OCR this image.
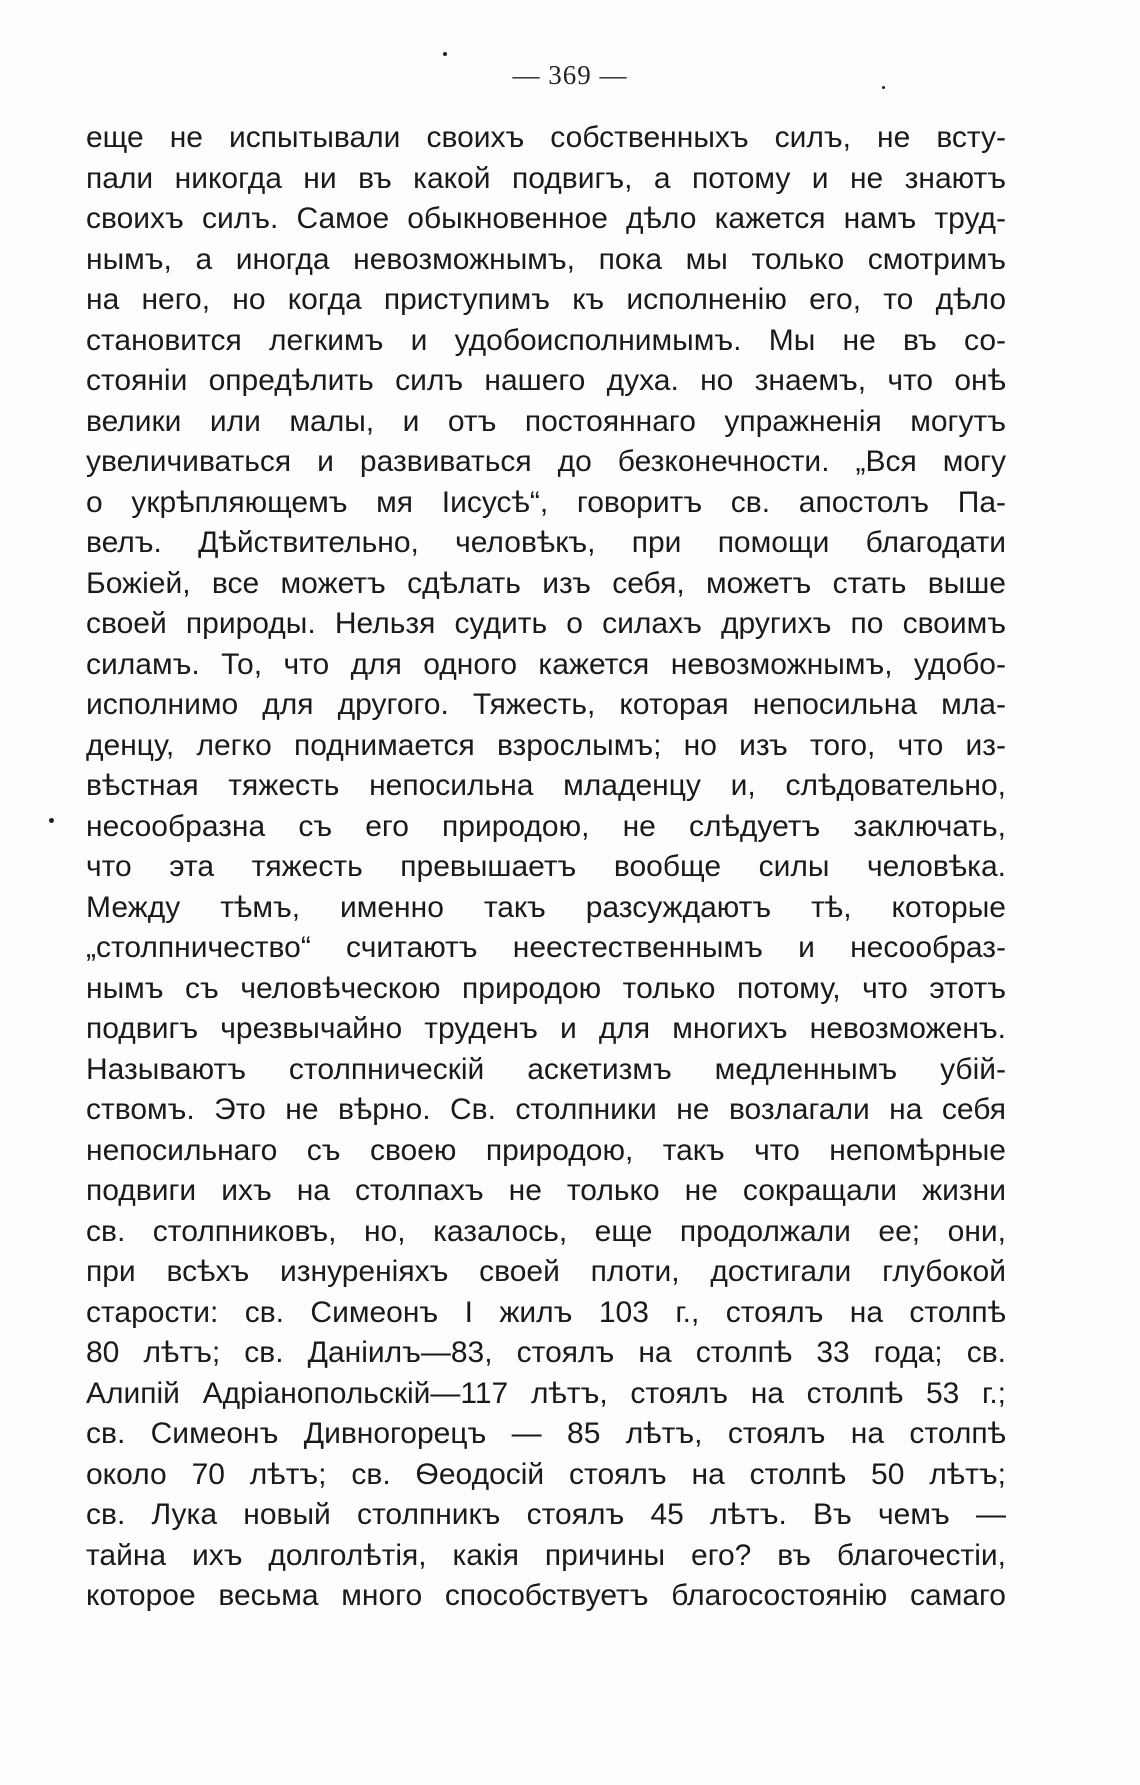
— 369 —
еще не испытывали своихъ собственныхъ силъ, не всту-
пали никогда ни въ какой подвигъ, а потому и не знаютъ
своихъ силъ. Самое обыкновенное дѣло кажется намъ труд-
нымъ, а иногда невозможнымъ, пока мы только смотримъ
на него, но когда приступимъ къ исполненію его, то дѣло
становится легкимъ и удобоисполнимымъ. Мы не въ со-
стояніи опредѣлить силъ нашего духа. но знаемъ, что онѣ
велики или малы, и отъ постояннаго упражненія могутъ
увеличиваться и развиваться до безконечности. „Вся могу
о укрѣпляющемъ мя Іисусѣ“, говоритъ св. апостолъ Па-
велъ. Дѣйствительно, человѣкъ, при помощи благодати
Божіей, все можетъ сдѣлать изъ себя, можетъ стать выше
своей природы. Нельзя судить о силахъ другихъ по своимъ
силамъ. То, что для одного кажется невозможнымъ, удобо-
исполнимо для другого. Тяжесть, которая непосильна мла-
денцу, легко поднимается взрослымъ; но изъ того, что из-
вѣстная тяжесть непосильна младенцу и, слѣдовательно,
несообразна съ его природою, не слѣдуетъ заключать,
что эта тяжесть превышаетъ вообще силы человѣка.
Между тѣмъ, именно такъ разсуждаютъ тѣ, которые
„столпничество“ считаютъ неестественнымъ и несообраз-
нымъ съ человѣческою природою только потому, что этотъ
подвигъ чрезвычайно труденъ и для многихъ невозможенъ.
Называютъ столпническій аскетизмъ медленнымъ убій-
ствомъ. Это не вѣрно. Св. столпники не возлагали на себя
непосильнаго съ своею природою, такъ что непомѣрные
подвиги ихъ на столпахъ не только не сокращали жизни
св. столпниковъ, но, казалось, еще продолжали ее; они,
при всѣхъ изнуреніяхъ своей плоти, достигали глубокой
старости: св. Симеонъ I жилъ 103 г., стоялъ на столпѣ
80 лѣтъ; св. Даніилъ—83, стоялъ на столпѣ 33 года; св.
Алипій Адріанопольскій—117 лѣтъ, стоялъ на столпѣ 53 г.;
св. Симеонъ Дивногорецъ — 85 лѣтъ, стоялъ на столпѣ
около 70 лѣтъ; св. Ѳеодосій стоялъ на столпѣ 50 лѣтъ;
св. Лука новый столпникъ стоялъ 45 лѣтъ. Въ чемъ —
тайна ихъ долголѣтія, какія причины его? въ благочестіи,
которое весьма много способствуетъ благосостоянію самаго
